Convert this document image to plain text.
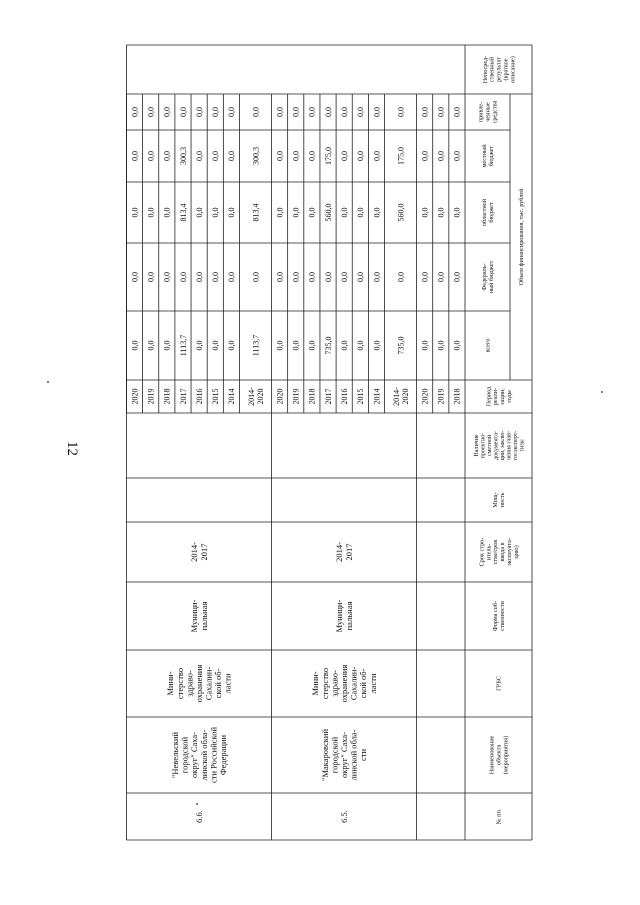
12
№ пп.
Наименованиеобъекта(мероприятия)
ГРБС
Форма соб-ственности
Срок стро-итель-ства/срокввода вэксплуата-цию)
Мощ-ность
Наличиепроектно-сметнойдокумента-ции, заклю-чения глав-госэксперт-тизы
Периодреали-зации,годы
Объем финансирования, тыс. рублей
всего
Федераль-ный бюджет
областнойбюджет
местныйбюджет
привле-ченныесредства
Непосред-ственныйрезультат(краткоеописание)
2018
0,0
0,0
0,0
0,0
0,0
2019
0,0
0,0
0,0
0,0
0,0
2020
0,0
0,0
0,0
0,0
0,0
2014-2020
735,0
0,0
560,0
175,0
0,0
2014
0,0
0,0
0,0
0,0
0,0
2015
0,0
0,0
0,0
0,0
0,0
2016
0,0
0,0
0,0
0,0
0,0
2017
735,0
0,0
560,0
175,0
0,0
2018
0,0
0,0
0,0
0,0
0,0
2019
0,0
0,0
0,0
0,0
0,0
2020
0,0
0,0
0,0
0,0
0,0
6.5.
"Макаровскийгородскойокруг" Саха-линской обла-сти
Мини-стерствоздраво-охраненияСахалин-ской об-ласти
Муници-пальная
2014-2017
2014-2020
1113,7
0,0
813,4
300,3
0,0
2014
0,0
0,0
0,0
0,0
0,0
2015
0,0
0,0
0,0
0,0
0,0
2016
0,0
0,0
0,0
0,0
0,0
2017
1113,7
0,0
813,4
300,3
0,0
2018
0,0
0,0
0,0
0,0
0,0
2019
0,0
0,0
0,0
0,0
0,0
2020
0,0
0,0
0,0
0,0
0,0
6.6.
"Невельскийгородскойокруг" Саха-линской обла-сти РоссийскойФедерации
Мини-стерствоздраво-охраненияСахалин-ской об-ласти
Муници-пальная
2014-2017
